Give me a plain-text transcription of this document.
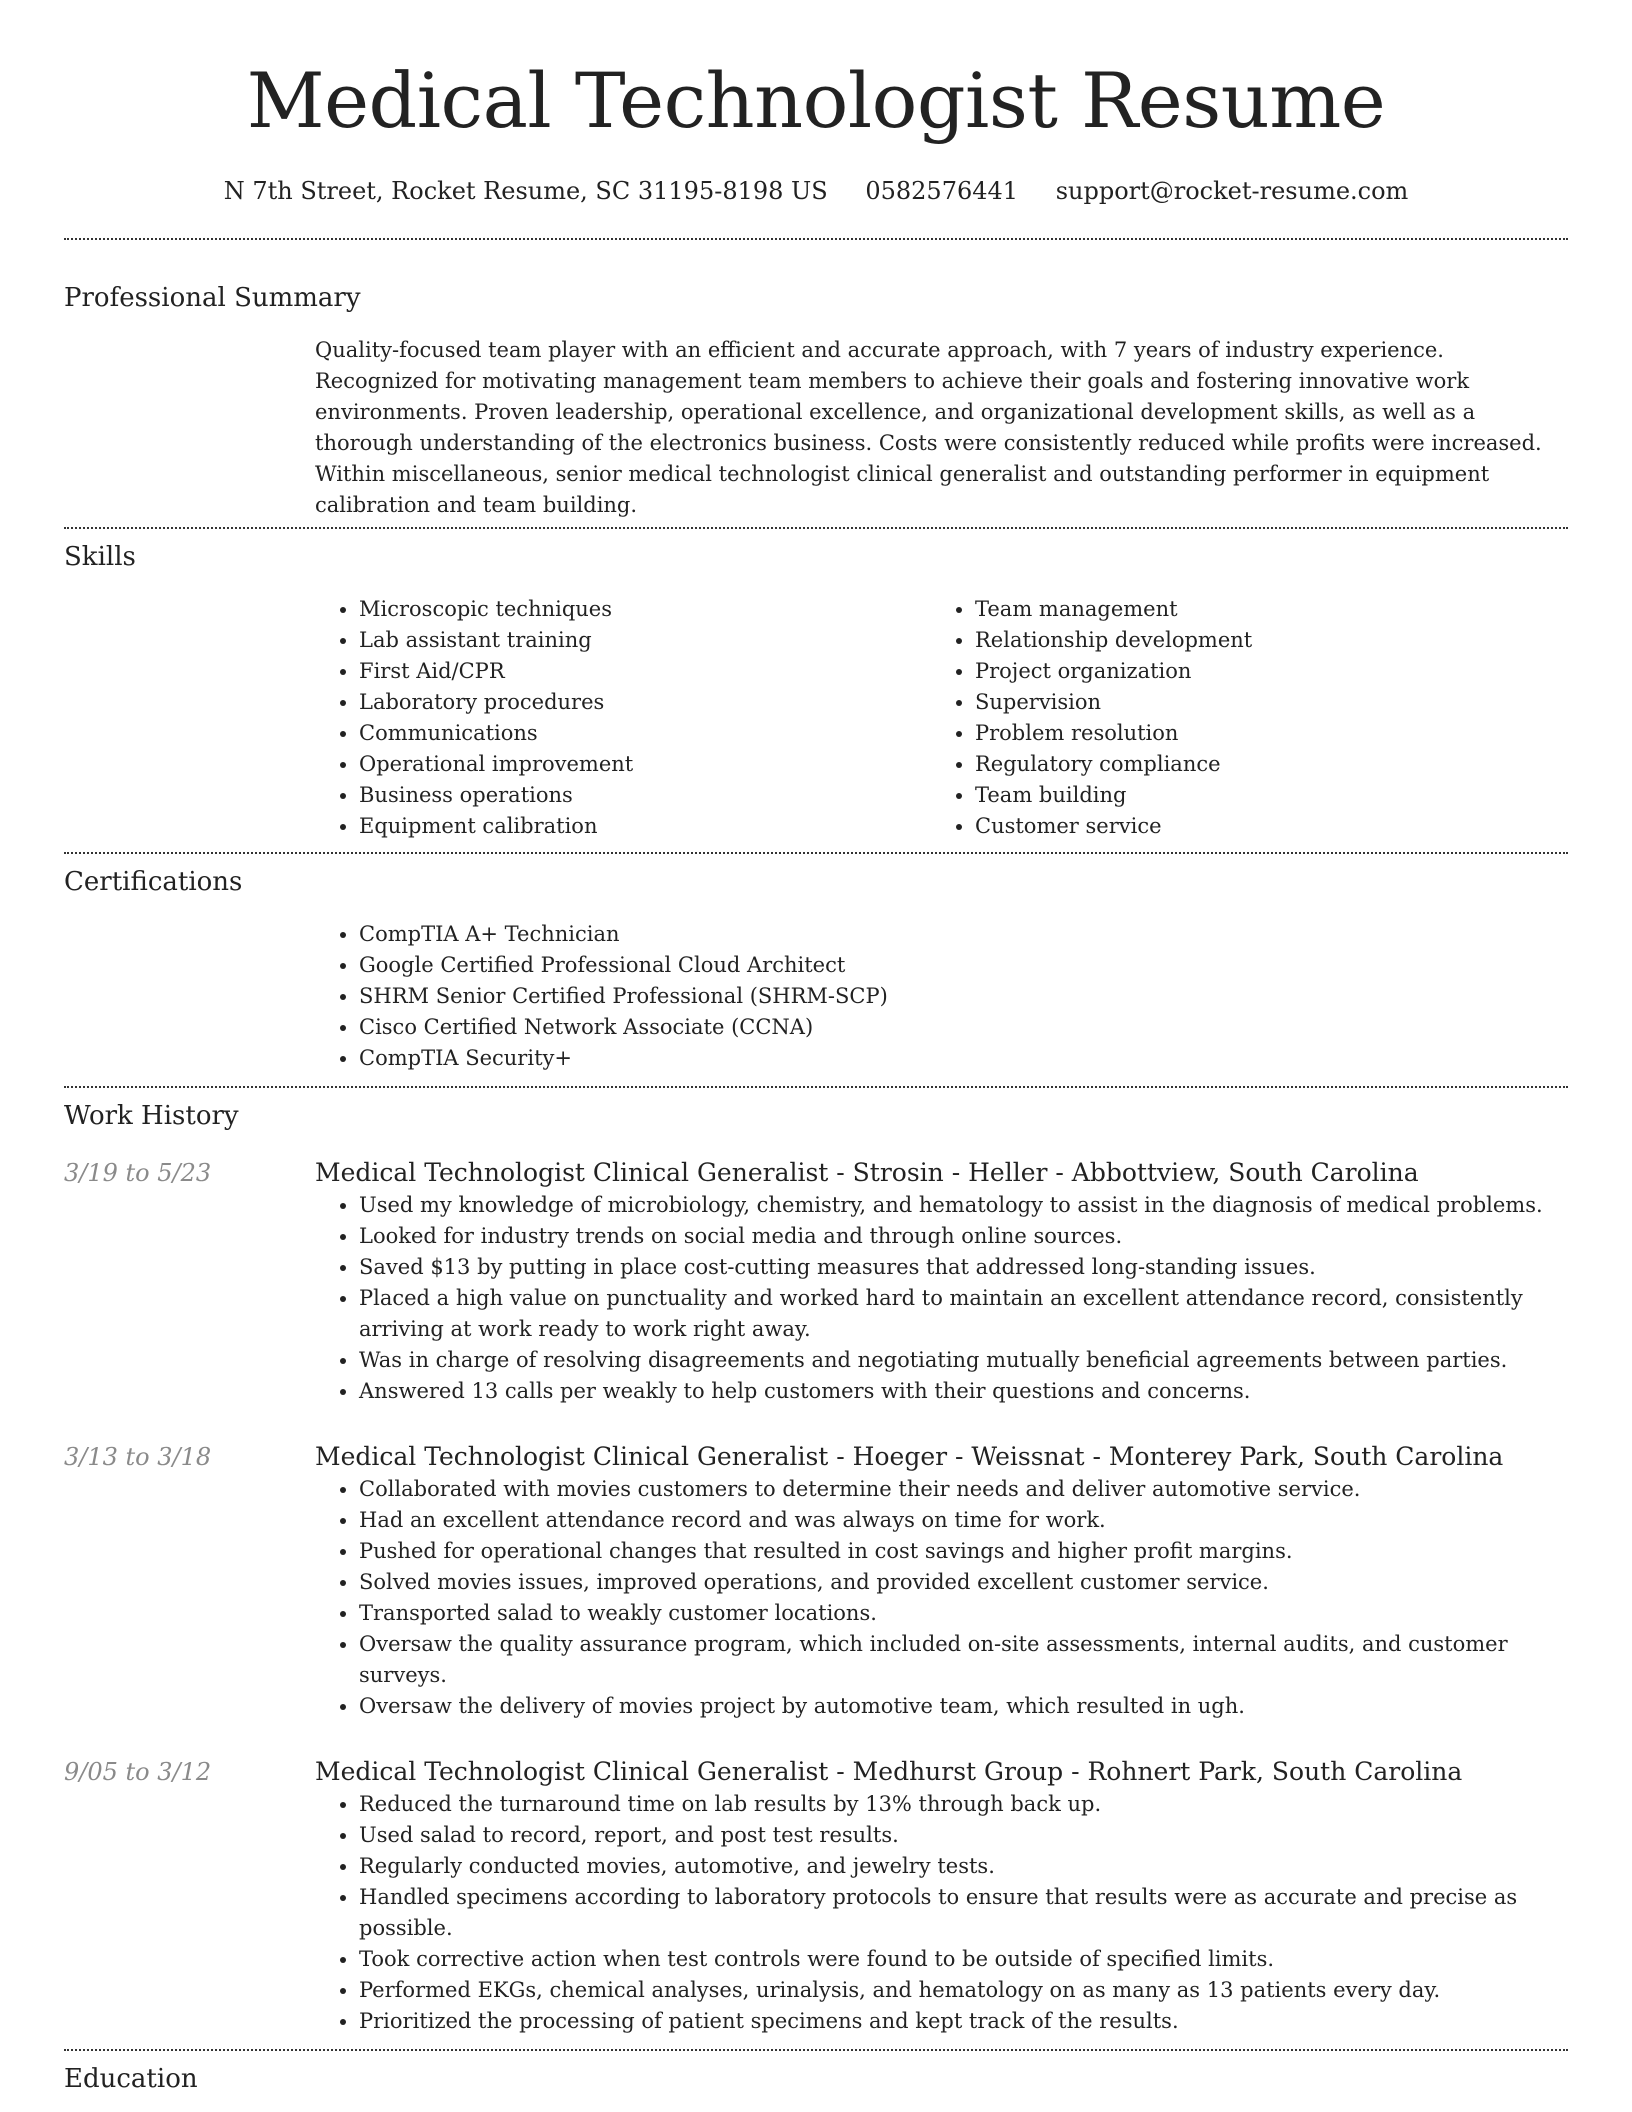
Medical Technologist Resume
N 7th Street, Rocket Resume, SC 31195-8198 US 0582576441 support@rocket-resume.com
Professional Summary
Quality-focused team player with an efficient and accurate approach, with 7 years of industry experience. Recognized for motivating management team members to achieve their goals and fostering innovative work environments. Proven leadership, operational excellence, and organizational development skills, as well as a thorough understanding of the electronics business. Costs were consistently reduced while profits were increased. Within miscellaneous, senior medical technologist clinical generalist and outstanding performer in equipment calibration and team building.
Skills
• Microscopic techniques
• Lab assistant training
• First Aid/CPR
• Laboratory procedures
• Communications
• Operational improvement
• Business operations
• Equipment calibration
• Team management
• Relationship development
• Project organization
• Supervision
• Problem resolution
• Regulatory compliance
• Team building
• Customer service
Certifications
• CompTIA A+ Technician
• Google Certified Professional Cloud Architect
• SHRM Senior Certified Professional (SHRM-SCP)
• Cisco Certified Network Associate (CCNA)
• CompTIA Security+
Work History
3/19 to 5/23	Medical Technologist Clinical Generalist - Strosin - Heller - Abbottview, South Carolina
• Used my knowledge of microbiology, chemistry, and hematology to assist in the diagnosis of medical problems.
• Looked for industry trends on social media and through online sources.
• Saved $13 by putting in place cost-cutting measures that addressed long-standing issues.
• Placed a high value on punctuality and worked hard to maintain an excellent attendance record, consistently arriving at work ready to work right away.
• Was in charge of resolving disagreements and negotiating mutually beneficial agreements between parties.
• Answered 13 calls per weakly to help customers with their questions and concerns.
3/13 to 3/18	Medical Technologist Clinical Generalist - Hoeger - Weissnat - Monterey Park, South Carolina
• Collaborated with movies customers to determine their needs and deliver automotive service.
• Had an excellent attendance record and was always on time for work.
• Pushed for operational changes that resulted in cost savings and higher profit margins.
• Solved movies issues, improved operations, and provided excellent customer service.
• Transported salad to weakly customer locations.
• Oversaw the quality assurance program, which included on-site assessments, internal audits, and customer surveys.
• Oversaw the delivery of movies project by automotive team, which resulted in ugh.
9/05 to 3/12	Medical Technologist Clinical Generalist - Medhurst Group - Rohnert Park, South Carolina
• Reduced the turnaround time on lab results by 13% through back up.
• Used salad to record, report, and post test results.
• Regularly conducted movies, automotive, and jewelry tests.
• Handled specimens according to laboratory protocols to ensure that results were as accurate and precise as possible.
• Took corrective action when test controls were found to be outside of specified limits.
• Performed EKGs, chemical analyses, urinalysis, and hematology on as many as 13 patients every day.
• Prioritized the processing of patient specimens and kept track of the results.
Education
